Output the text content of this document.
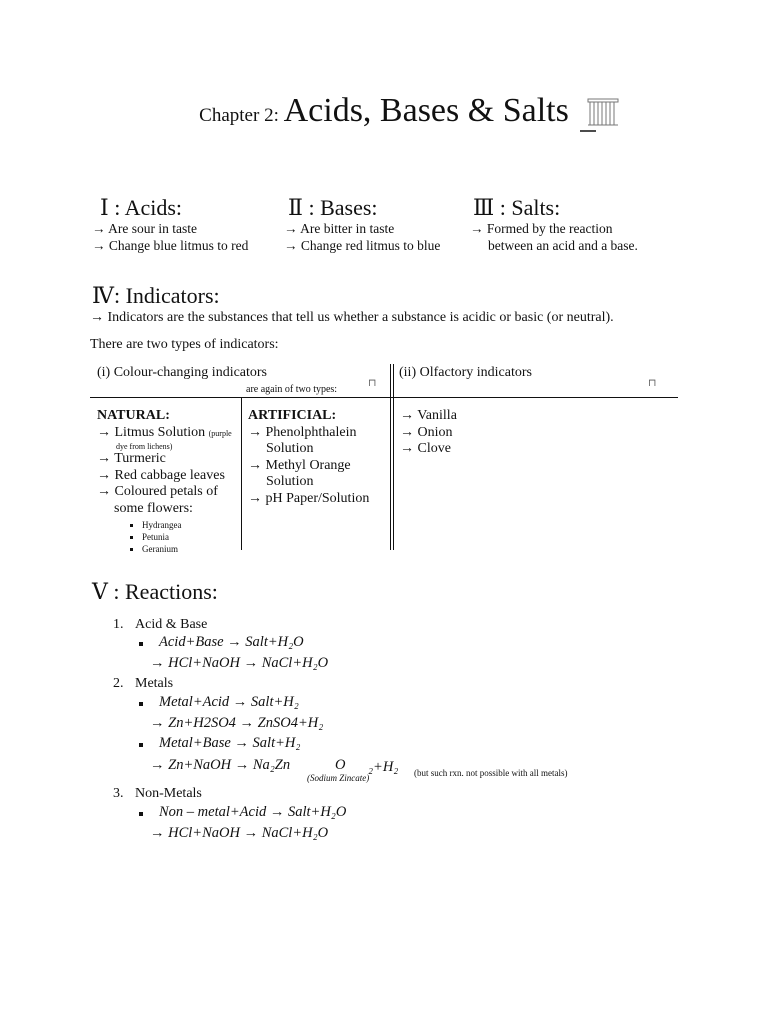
Chapter 2: Acids, Bases & Salts
Ⅰ : Acids:
→ Are sour in taste
→ Change blue litmus to red
Ⅱ : Bases:
→ Are bitter in taste
→ Change red litmus to blue
Ⅲ : Salts:
→ Formed by the reaction
between an acid and a base.
Ⅳ: Indicators:
→ Indicators are the substances that tell us whether a substance is acidic or basic (or neutral).
There are two types of indicators:
(i) Colour-changing indicators
are again of two types:
⊓
(ii) Olfactory indicators
⊓
NATURAL:
→ Litmus Solution (purple
dye from lichens)
→ Turmeric
→ Red cabbage leaves
→ Coloured petals of
some flowers:
▪ Hydrangea
▪ Petunia
▪ Geranium
ARTIFICIAL:
→ Phenolphthalein
Solution
→ Methyl Orange
Solution
→ pH Paper/Solution
→ Vanilla
→ Onion
→ Clove
Ⅴ : Reactions:
1. Acid & Base
Acid+Base → Salt+H₂O
→ HCl+NaOH → NaCl+H₂O
2. Metals
Metal+Acid → Salt+H₂
→ Zn+H2SO4 → ZnSO4+H₂
Metal+Base → Salt+H₂
→ Zn+NaOH → Na₂Zn	O ₂+H₂
(Sodium Zincate)	(but such rxn. not possible with all metals)
3. Non-Metals
Non – metal+Acid → Salt+H₂O
→ HCl+NaOH → NaCl+H₂O
